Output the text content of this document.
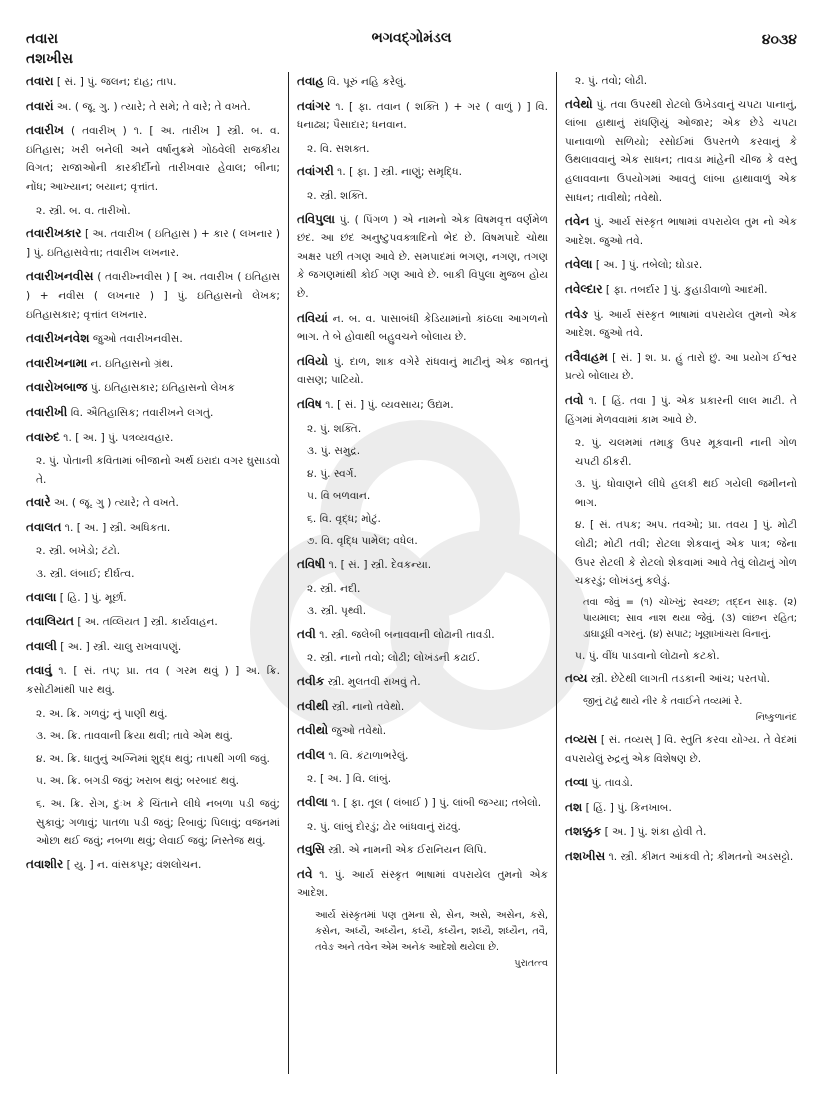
તવારા
તશખીસ
ભગવદ્ગોમંડલ	૪૦૩૪

તવારા [ સં. ] પું. જલન; દાહ; તાપ.

તવારાં અ. ( જૂ. ગુ. ) ત્યારે; તે સમે; તે વારે; તે વખતે.

તવારીખ ( તવારીખ્ ) ૧. [ અ. તારીખ ] સ્ત્રી. બ. વ. ઇતિહાસ; ખરી બનેલી અને વર્ષાનુક્રમે ગોઠવેલી રાજકીય વિગત; રાજાઓની કારકીર્દીનો તારીખવાર હેવાલ; બીના; નોંધ; આખ્યાન; બયાન; વૃત્તાંત.

૨. સ્ત્રી. બ. વ. તારીખો.

તવારીખકાર [ અ. તવારીખ ( ઇતિહાસ ) + કાર ( લખનાર ) ] પું. ઇતિહાસવેત્તા; તવારીખ લખનાર.

તવારીખનવીસ ( તવારીખ્નવીસ ) [ અ. તવારીખ ( ઇતિહાસ ) + નવીસ ( લખનાર ) ] પું. ઇતિહાસનો લેખક; ઇતિહાસકાર; વૃત્તાંત લખનાર.

તવારીખનવેશ જુઓ તવારીખનવીસ.

તવારીખનામા ન. ઇતિહાસનો ગ્રંથ.

તવારોખબાજ પું. ઇતિહાસકાર; ઇતિહાસનો લેખક

તવારીખી વિ. ઐતિહાસિક; તવારીખને લગતું.

તવારુદ ૧. [ અ. ] પું. પત્રવ્યવહાર.

૨. પું. પોતાની કવિતામાં બીજાનો અર્થ ઇરાદા વગર ઘુસાડવો તે.

તવારે અ. ( જૂ. ગુ ) ત્યારે; તે વખતે.

તવાલત ૧. [ અ. ] સ્ત્રી. અધિકતા.

૨. સ્ત્રી. બખેડો; ટંટો.

૩. સ્ત્રી. લંબાઈ; દીર્ઘત્વ.

તવાલા [ હિ. ] પું. મૂર્છા.

તવાલિયત [ અ. તવ્લિયત ] સ્ત્રી. કાર્યવાહન.

તવાલી [ અ. ] સ્ત્રી. ચાલુ રાખવાપણું.

તવાવું ૧. [ સં. તપ્; પ્રા. તવ ( ગરમ થવું ) ] અ. ક્રિ. કસોટીમાંથી પાર થવું.

૨. અ. ક્રિ. ગળવું; નું પાણી થવું.

૩. અ. ક્રિ. તાવવાની ક્રિયા થવી; તાવે એમ થવું.

૪. અ. ક્રિ. ધાતુનું અગ્નિમાં શુદ્ધ થવું; તાપથી ગળી જવું.

૫. અ. ક્રિ. બગડી જવું; ખરાબ થવું; બરબાદ થવું.

૬. અ. ક્રિ. રોગ, દુઃખ કે ચિંતાને લીધે નબળા પડી જવું; સુકાવું; ગળાવું; પાતળા પડી જવું; રિબાવું; પિલાવું; વજનમાં ઓછા થઈ જવું; નબળા થવું; લેવાઈ જવું; નિસ્તેજ થવું.

તવાશીર [ ય઼ુ. ] ન. વાંસકપૂર; વંશલોચન.

તવાહ વિ. પૂરું નહિ કરેલું.

તવાંગર ૧. [ ફા. તવાન ( શક્તિ ) + ગર ( વાળું ) ] વિ. ધનાઢ્ય; પૈસાદાર; ધનવાન.

૨. વિ. સશક્ત.

તવાંગરી ૧. [ ફા. ] સ્ત્રી. નાણું; સમૃદ્ધિ.

૨. સ્ત્રી. શક્તિ.

તવિપુલા પું. ( પિંગળ ) એ નામનો એક વિષમવૃત્ત વર્ણમેળ છંદ. આ છંદ અનુષ્ટુપવક્ત્રાદિનો ભેદ છે. વિષમપાદે ચોથા અક્ષર પછી તગણ આવે છે. સમપાદમાં ભગણ, નગણ, તગણ કે જગણમાંથી કોઈ ગણ આવે છે. બાકી વિપુલા મુજબ હોય છે.

તવિયાં ન. બ. વ. પાસાબંધી કેડિયામાંનો કાંઠલા આગળનો ભાગ. તે બે હોવાથી બહુવચને બોલાય છે.

તવિયો પું. દાળ, શાક વગેરે રાંધવાનું માટીનું એક જાતનું વાસણ; પાટિયો.

તવિષ ૧. [ સં. ] પું. વ્યવસાય; ઉદ્યમ.

૨. પું. શક્તિ.

૩. પું. સમુદ્ર.

૪. પું. સ્વર્ગ.

૫. વિ બળવાન.

૬. વિ. વૃદ્ધ; મોટું.

૭. વિ. વૃદ્ધિ પામેલ; વધેલ.

તવિષી ૧. [ સં. ] સ્ત્રી. દેવકન્યા.

૨. સ્ત્રી. નદી.

૩. સ્ત્રી. પૃથ્વી.

તવી ૧. સ્ત્રી. જલેબી બનાવવાની લોઢાની તાવડી.

૨. સ્ત્રી. નાનો તવો; લોઢી; લોખંડની કઢાઈ.

તવીક સ્ત્રી. મુલતવી રાખવું તે.

તવીથી સ્ત્રી. નાનો તવેથો.

તવીથો જુઓ તવેથો.

તવીલ ૧. વિ. કંટાળાભરેલું.

૨. [ અ. ] વિ. લાંબું.

તવીલા ૧. [ ફા. તૂલ ( લંબાઈ ) ] પું. લાંબી જગ્યા; તબેલો.

૨. પું. લાંબું દોરડું; ઢોર બાંધવાનું રાંઢવું.

તવુસિ સ્ત્રી. એ નામની એક ઈરાનિયન લિપિ.

તવે ૧. પું. આર્ય સંસ્કૃત ભાષામાં વપરાયેલ તુમનો એક આદેશ.

આર્ય સંસ્કૃતમાં પણ તુમના સે, સેન, અસે, અસેન, કસે, કસેન, અધ્યૈ, અધ્યૈન, કધ્યૈ, કધ્યૈન, શધ્યૈ, શધ્યૈન, તવૈ, તવેઙ અને તવેન એમ અનેક આદેશો થયેલા છે.
પુરાતત્ત્વ

૨. પું. તવો; લોઢી.

તવેથો પું. તવા ઉપરથી રોટલો ઉખેડવાનું ચપટા પાનાનું, લાંબા હાથાનું રાંધણિયું ઓજાર; એક છેડે ચપટા પાનાવાળો સળિયો; રસોઈમાં ઉપરતળે કરવાનું કે ઉથલાવવાનું એક સાધન; તાવડા માંહેની ચીજ કે વસ્તુ હલાવવાના ઉપયોગમાં આવતું લાંબા હાથાવાળું એક સાધન; તાવીથો; તવેથો.

તવેન પું. આર્ય સંસ્કૃત ભાષામાં વપરાયેલ તુમ નો એક આદેશ. જુઓ તવે.

તવેલા [ અ. ] પું. તબેલો; ઘોડાર.

તવેલ્દાર [ ફા. તબર્દાર ] પું. કુહાડીવાળો આદમી.

તવેઙ પું. આર્ય સંસ્કૃત ભાષામાં વપરાયેલ તુમનો એક આદેશ. જુઓ તવે.

તવૈવાહમ [ સં. ] શ. પ્ર. હું તારો છું. આ પ્રયોગ ઈશ્વર પ્રત્યે બોલાય છે.

તવો ૧. [ હિં. તવા ] પું. એક પ્રકારની લાલ માટી. તે હિંગમાં મેળવવામાં કામ આવે છે.

૨. પું. ચલમમાં તમાકુ ઉપર મૂકવાની નાની ગોળ ચપટી ઠીકરી.

૩. પું. ધોવાણને લીધે હલકી થઈ ગયેલી જમીનનો ભાગ.

૪. [ સં. તપક; અપ. તવઓ; પ્રા. તવય ] પું. મોટી લોઢી; મોટી તવી; રોટલા શેકવાનું એક પાત્ર; જેના ઉપર રોટલી કે રોટલો શેકવામાં આવે તેવું લોઢાનું ગોળ ચકરડું; લોખંડનું કલેડું.

તવા જેવું = (૧) ચોખ્ખું; સ્વચ્છ; તદ્દન સાફ. (૨) પાયમાલ; સાવ નાશ થયા જેવું. (૩) લાંછન રહિત; ડાઘાડૂઘી વગરનું. (૪) સપાટ; ખૂણાખાંચરા વિનાનું.

૫. પું. વીંધ પાડવાનો લોઢાનો કટકો.

તવ્ય સ્ત્રી. છેટેથી લાગતી તડકાની આંચ; પરતપો.

જીનું ટાઢું થાયે નીર કે તવાઈને તવ્યમાં રે.
નિષ્કુળાનંદ

તવ્યસ [ સં. તવ્યસ્ ] વિ. સ્તુતિ કરવા યોગ્ય. તે વેદમાં વપરાયેલું રુદ્રનું એક વિશેષણ છે.

તવ્વા પું. તાવડો.

તશ [ હિં. ] પું. કિનખાબ.

તશક્કુક [ અ. ] પું. શંકા હોવી તે.

તશખીસ ૧. સ્ત્રી. કીમત આંકવી તે; કીમતનો અડસટ્ટો.
